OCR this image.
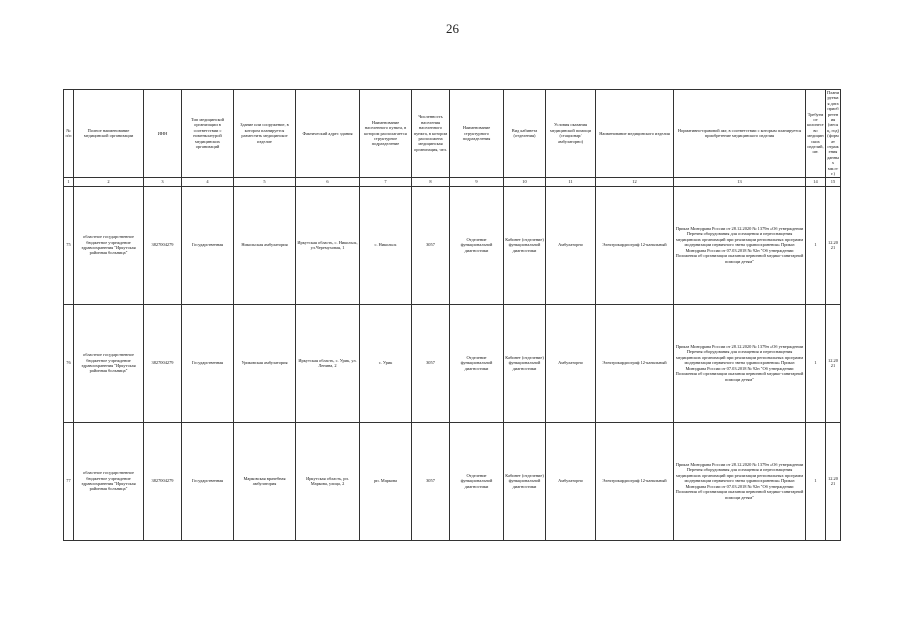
26
№ п/п	Полное наименование медицинской организации	ИНН	Тип медицинской организации в соответствии с номенклатурой медицинских организаций	Здание или сооружение, в котором планируется разместить медицинское изделие	Фактический адрес здания	Наименование населенного пункта, в котором располагается структурное подразделение	Численность населения населенного пункта, в котором расположена медицинская организация, чел.	Наименование структурного подразделения	Вид кабинета (отделения)	Условия оказания медицинской помощи (стационар/амбулаторно)	Наименование медицинского изделия	Нормативно-правовой акт, в соответствии с которым планируется приобретение медицинского изделия	Требуемое количество медицинских изделий, шт.	Планируемая дата приобретения (месяц, год) (формат отражения данных мм.ггг.)
1	2	3	4	5	6	7	8	9	10	11	12	13	14	15
75	областное государственное бюджетное учреждение здравоохранения "Иркутская районная больница"	3827004279	Государственная	Никольская амбулатория	Иркутская область, с. Никольск, ул.Черемуховая, 1	с. Никольск	3057	Отделение функциональной диагностики	Кабинет (отделение) функциональной диагностики	Амбулаторно	Электрокардиограф 12-канальный	Приказ Минздрава России от 28.12.2020 № 1379н «Об утверждении Перечня оборудования для оснащения и переоснащения медицинских организаций при реализации региональных программ модернизации первичного звена здравоохранения» Приказ Минздрава России от 07.03.2018 № 92н "Об утверждении Положения об организации оказания первичной медико-санитарной помощи детям"	1	12.2021
76	областное государственное бюджетное учреждение здравоохранения "Иркутская районная больница"	3827004279	Государственная	Уриковская амбулатория	Иркутская область, с. Урик, ул. Ленина, 2	с. Урик	3057	Отделение функциональной диагностики	Кабинет (отделение) функциональной диагностики	Амбулаторно	Электрокардиограф 12-канальный	Приказ Минздрава России от 28.12.2020 № 1379н «Об утверждении Перечня оборудования для оснащения и переоснащения медицинских организаций при реализации региональных программ модернизации первичного звена здравоохранения» Приказ Минздрава России от 07.03.2018 № 92н "Об утверждении Положения об организации оказания первичной медико-санитарной помощи детям"	1	12.2021
77	областное государственное бюджетное учреждение здравоохранения "Иркутская районная больница"	3827004279	Государственная	Марковская врачебная амбулатория	Иркутская область, рп. Маркова, улица, 2	рп. Маркова	3057	Отделение функциональной диагностики	Кабинет (отделение) функциональной диагностики	Амбулаторно	Электрокардиограф 12-канальный	Приказ Минздрава России от 28.12.2020 № 1379н «Об утверждении Перечня оборудования для оснащения и переоснащения медицинских организаций при реализации региональных программ модернизации первичного звена здравоохранения» Приказ Минздрава России от 07.03.2018 № 92н "Об утверждении Положения об организации оказания первичной медико-санитарной помощи детям"	1	12.2021
